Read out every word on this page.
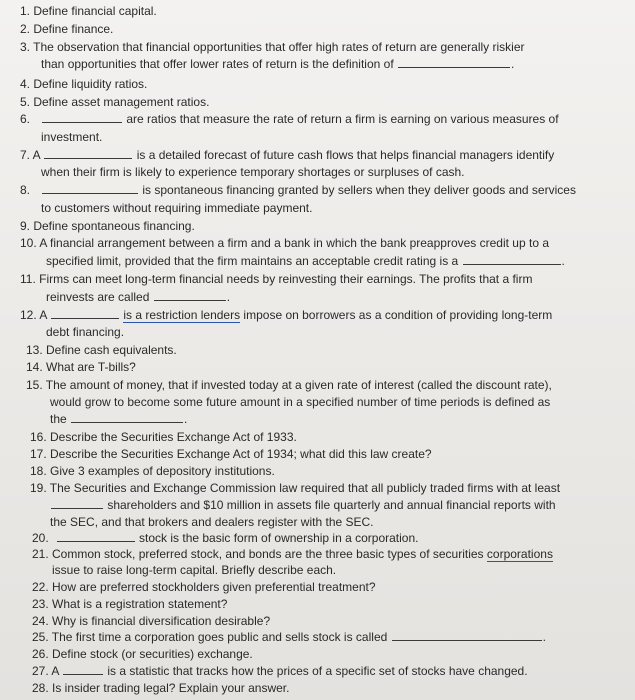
1. Define financial capital.
2. Define finance.
3. The observation that financial opportunities that offer high rates of return are generally riskier
than opportunities that offer lower rates of return is the definition of	.
4. Define liquidity ratios.
5. Define asset management ratios.
6.	are ratios that measure the rate of return a firm is earning on various measures of
investment.
7. A	is a detailed forecast of future cash flows that helps financial managers identify
when their firm is likely to experience temporary shortages or surpluses of cash.
8.	is spontaneous financing granted by sellers when they deliver goods and services
to customers without requiring immediate payment.
9. Define spontaneous financing.
10. A financial arrangement between a firm and a bank in which the bank preapproves credit up to a
specified limit, provided that the firm maintains an acceptable credit rating is a	.
11. Firms can meet long-term financial needs by reinvesting their earnings. The profits that a firm
reinvests are called	.
12. A	is a restriction lenders impose on borrowers as a condition of providing long-term
debt financing.
13. Define cash equivalents.
14. What are T-bills?
15. The amount of money, that if invested today at a given rate of interest (called the discount rate),
would grow to become some future amount in a specified number of time periods is defined as
the	.
16. Describe the Securities Exchange Act of 1933.
17. Describe the Securities Exchange Act of 1934; what did this law create?
18. Give 3 examples of depository institutions.
19. The Securities and Exchange Commission law required that all publicly traded firms with at least
shareholders and $10 million in assets file quarterly and annual financial reports with
the SEC, and that brokers and dealers register with the SEC.
20.	stock is the basic form of ownership in a corporation.
21. Common stock, preferred stock, and bonds are the three basic types of securities corporations
issue to raise long-term capital. Briefly describe each.
22. How are preferred stockholders given preferential treatment?
23. What is a registration statement?
24. Why is financial diversification desirable?
25. The first time a corporation goes public and sells stock is called	.
26. Define stock (or securities) exchange.
27. A	is a statistic that tracks how the prices of a specific set of stocks have changed.
28. Is insider trading legal? Explain your answer.
